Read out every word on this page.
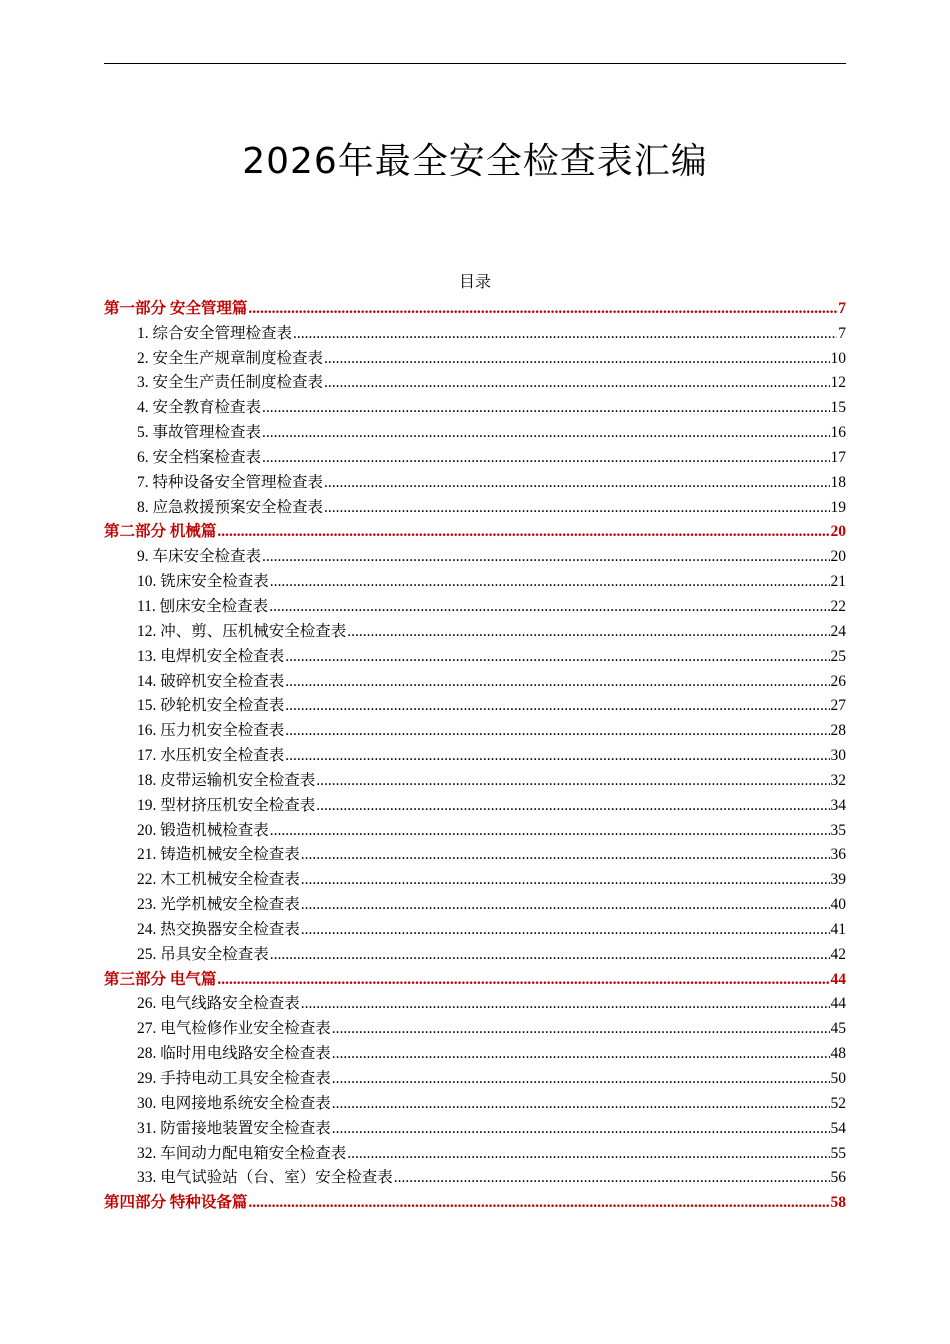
2026年最全安全检查表汇编
目录
第一部分 安全管理篇 .....	7
1. 综合安全管理检查表 .....	7
2. 安全生产规章制度检查表 .....	10
3. 安全生产责任制度检查表 .....	12
4. 安全教育检查表 .....	15
5. 事故管理检查表 .....	16
6. 安全档案检查表 .....	17
7. 特种设备安全管理检查表 .....	18
8. 应急救援预案安全检查表 .....	19
第二部分 机械篇 .....	20
9. 车床安全检查表 .....	20
10. 铣床安全检查表 .....	21
11. 刨床安全检查表 .....	22
12. 冲、剪、压机械安全检查表 .....	24
13. 电焊机安全检查表 .....	25
14. 破碎机安全检查表 .....	26
15. 砂轮机安全检查表 .....	27
16. 压力机安全检查表 .....	28
17. 水压机安全检查表 .....	30
18. 皮带运输机安全检查表 .....	32
19. 型材挤压机安全检查表 .....	34
20. 锻造机械检查表 .....	35
21. 铸造机械安全检查表 .....	36
22. 木工机械安全检查表 .....	39
23. 光学机械安全检查表 .....	40
24. 热交换器安全检查表 .....	41
25. 吊具安全检查表 .....	42
第三部分 电气篇 .....	44
26. 电气线路安全检查表 .....	44
27. 电气检修作业安全检查表 .....	45
28. 临时用电线路安全检查表 .....	48
29. 手持电动工具安全检查表 .....	50
30. 电网接地系统安全检查表 .....	52
31. 防雷接地装置安全检查表 .....	54
32. 车间动力配电箱安全检查表 .....	55
33. 电气试验站（台、室）安全检查表 .....	56
第四部分 特种设备篇 .....	58
